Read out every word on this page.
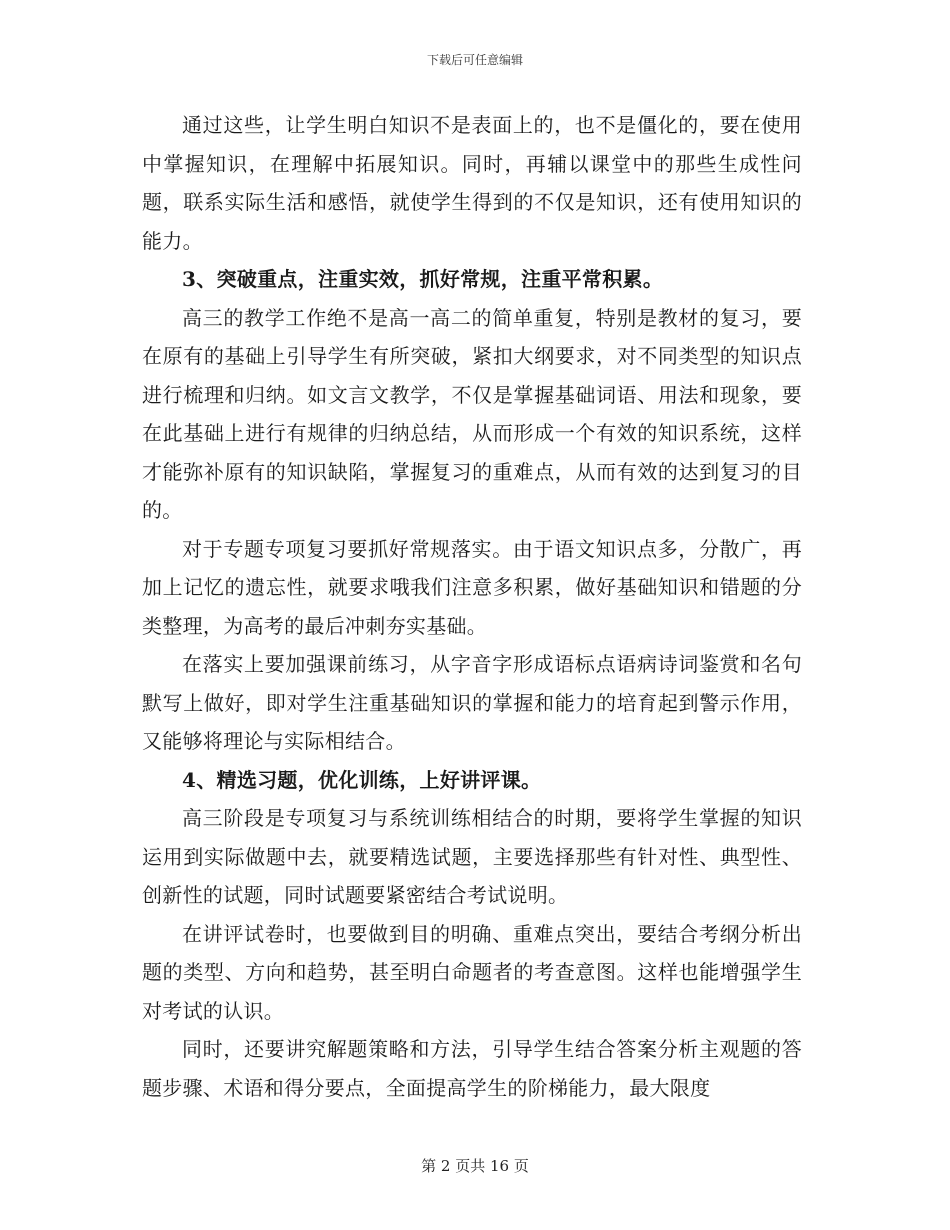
下载后可任意编辑

通过这些，让学生明白知识不是表面上的，也不是僵化的，要在使用中掌握知识，在理解中拓展知识。同时，再辅以课堂中的那些生成性问题，联系实际生活和感悟，就使学生得到的不仅是知识，还有使用知识的能力。

3、突破重点，注重实效，抓好常规，注重平常积累。

高三的教学工作绝不是高一高二的简单重复，特别是教材的复习，要在原有的基础上引导学生有所突破，紧扣大纲要求，对不同类型的知识点进行梳理和归纳。如文言文教学，不仅是掌握基础词语、用法和现象，要在此基础上进行有规律的归纳总结，从而形成一个有效的知识系统，这样才能弥补原有的知识缺陷，掌握复习的重难点，从而有效的达到复习的目的。

对于专题专项复习要抓好常规落实。由于语文知识点多，分散广，再加上记忆的遗忘性，就要求哦我们注意多积累，做好基础知识和错题的分类整理，为高考的最后冲刺夯实基础。

在落实上要加强课前练习，从字音字形成语标点语病诗词鉴赏和名句默写上做好，即对学生注重基础知识的掌握和能力的培育起到警示作用，又能够将理论与实际相结合。

4、精选习题，优化训练，上好讲评课。

高三阶段是专项复习与系统训练相结合的时期，要将学生掌握的知识运用到实际做题中去，就要精选试题，主要选择那些有针对性、典型性、创新性的试题，同时试题要紧密结合考试说明。

在讲评试卷时，也要做到目的明确、重难点突出，要结合考纲分析出题的类型、方向和趋势，甚至明白命题者的考查意图。这样也能增强学生对考试的认识。

同时，还要讲究解题策略和方法，引导学生结合答案分析主观题的答题步骤、术语和得分要点，全面提高学生的阶梯能力，最大限度

第 2 页共 16 页
